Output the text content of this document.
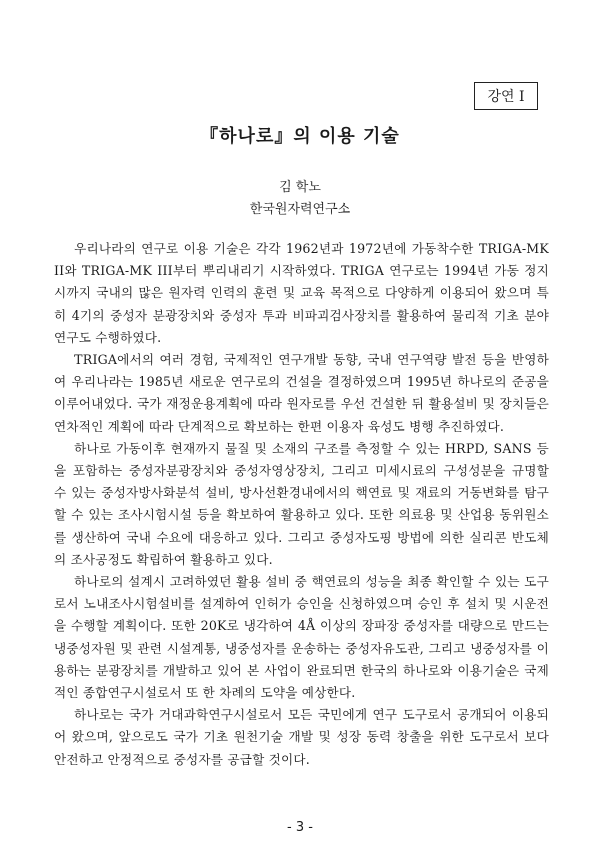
강연 I
『하나로』의 이용 기술
김 학노
한국원자력연구소

우리나라의 연구로 이용 기술은 각각 1962년과 1972년에 가동착수한 TRIGA-MK II와 TRIGA-MK III부터 뿌리내리기 시작하였다. TRIGA 연구로는 1994년 가동 정지시까지 국내의 많은 원자력 인력의 훈련 및 교육 목적으로 다양하게 이용되어 왔으며 특히 4기의 중성자 분광장치와 중성자 투과 비파괴검사장치를 활용하여 물리적 기초 분야 연구도 수행하였다.

TRIGA에서의 여러 경험, 국제적인 연구개발 동향, 국내 연구역량 발전 등을 반영하여 우리나라는 1985년 새로운 연구로의 건설을 결정하였으며 1995년 하나로의 준공을 이루어내었다. 국가 재정운용계획에 따라 원자로를 우선 건설한 뒤 활용설비 및 장치들은 연차적인 계획에 따라 단계적으로 확보하는 한편 이용자 육성도 병행 추진하였다.

하나로 가동이후 현재까지 물질 및 소재의 구조를 측정할 수 있는 HRPD, SANS 등을 포함하는 중성자분광장치와 중성자영상장치, 그리고 미세시료의 구성성분을 규명할 수 있는 중성자방사화분석 설비, 방사선환경내에서의 핵연료 및 재료의 거동변화를 탐구할 수 있는 조사시험시설 등을 확보하여 활용하고 있다. 또한 의료용 및 산업용 동위원소를 생산하여 국내 수요에 대응하고 있다. 그리고 중성자도핑 방법에 의한 실리콘 반도체의 조사공정도 확립하여 활용하고 있다.

하나로의 설계시 고려하였던 활용 설비 중 핵연료의 성능을 최종 확인할 수 있는 도구로서 노내조사시험설비를 설계하여 인허가 승인을 신청하였으며 승인 후 설치 및 시운전을 수행할 계획이다. 또한 20K로 냉각하여 4Å 이상의 장파장 중성자를 대량으로 만드는 냉중성자원 및 관련 시설계통, 냉중성자를 운송하는 중성자유도관, 그리고 냉중성자를 이용하는 분광장치를 개발하고 있어 본 사업이 완료되면 한국의 하나로와 이용기술은 국제적인 종합연구시설로서 또 한 차례의 도약을 예상한다.

하나로는 국가 거대과학연구시설로서 모든 국민에게 연구 도구로서 공개되어 이용되어 왔으며, 앞으로도 국가 기초 원천기술 개발 및 성장 동력 창출을 위한 도구로서 보다 안전하고 안정적으로 중성자를 공급할 것이다.

- 3 -
